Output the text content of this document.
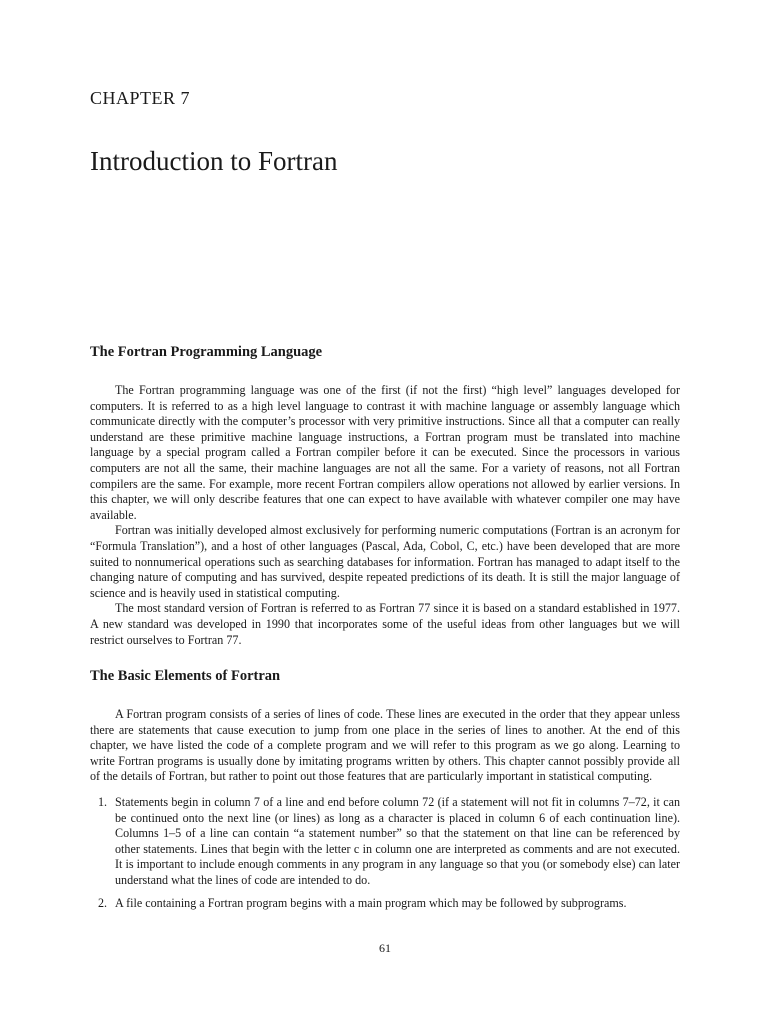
CHAPTER 7
Introduction to Fortran
The Fortran Programming Language

The Fortran programming language was one of the first (if not the first) “high level” languages developed for computers. It is referred to as a high level language to contrast it with machine language or assembly language which communicate directly with the computer’s processor with very primitive instructions. Since all that a computer can really understand are these primitive machine language instructions, a Fortran program must be translated into machine language by a special program called a Fortran compiler before it can be executed. Since the processors in various computers are not all the same, their machine languages are not all the same. For a variety of reasons, not all Fortran compilers are the same. For example, more recent Fortran compilers allow operations not allowed by earlier versions. In this chapter, we will only describe features that one can expect to have available with whatever compiler one may have available.

Fortran was initially developed almost exclusively for performing numeric computations (Fortran is an acronym for “Formula Translation”), and a host of other languages (Pascal, Ada, Cobol, C, etc.) have been developed that are more suited to nonnumerical operations such as searching databases for information. Fortran has managed to adapt itself to the changing nature of computing and has survived, despite repeated predictions of its death. It is still the major language of science and is heavily used in statistical computing.

The most standard version of Fortran is referred to as Fortran 77 since it is based on a standard established in 1977. A new standard was developed in 1990 that incorporates some of the useful ideas from other languages but we will restrict ourselves to Fortran 77.

The Basic Elements of Fortran

A Fortran program consists of a series of lines of code. These lines are executed in the order that they appear unless there are statements that cause execution to jump from one place in the series of lines to another. At the end of this chapter, we have listed the code of a complete program and we will refer to this program as we go along. Learning to write Fortran programs is usually done by imitating programs written by others. This chapter cannot possibly provide all of the details of Fortran, but rather to point out those features that are particularly important in statistical computing.

1. Statements begin in column 7 of a line and end before column 72 (if a statement will not fit in columns 7–72, it can be continued onto the next line (or lines) as long as a character is placed in column 6 of each continuation line). Columns 1–5 of a line can contain “a statement number” so that the statement on that line can be referenced by other statements. Lines that begin with the letter c in column one are interpreted as comments and are not executed. It is important to include enough comments in any program in any language so that you (or somebody else) can later understand what the lines of code are intended to do.
2. A file containing a Fortran program begins with a main program which may be followed by subprograms.
61
